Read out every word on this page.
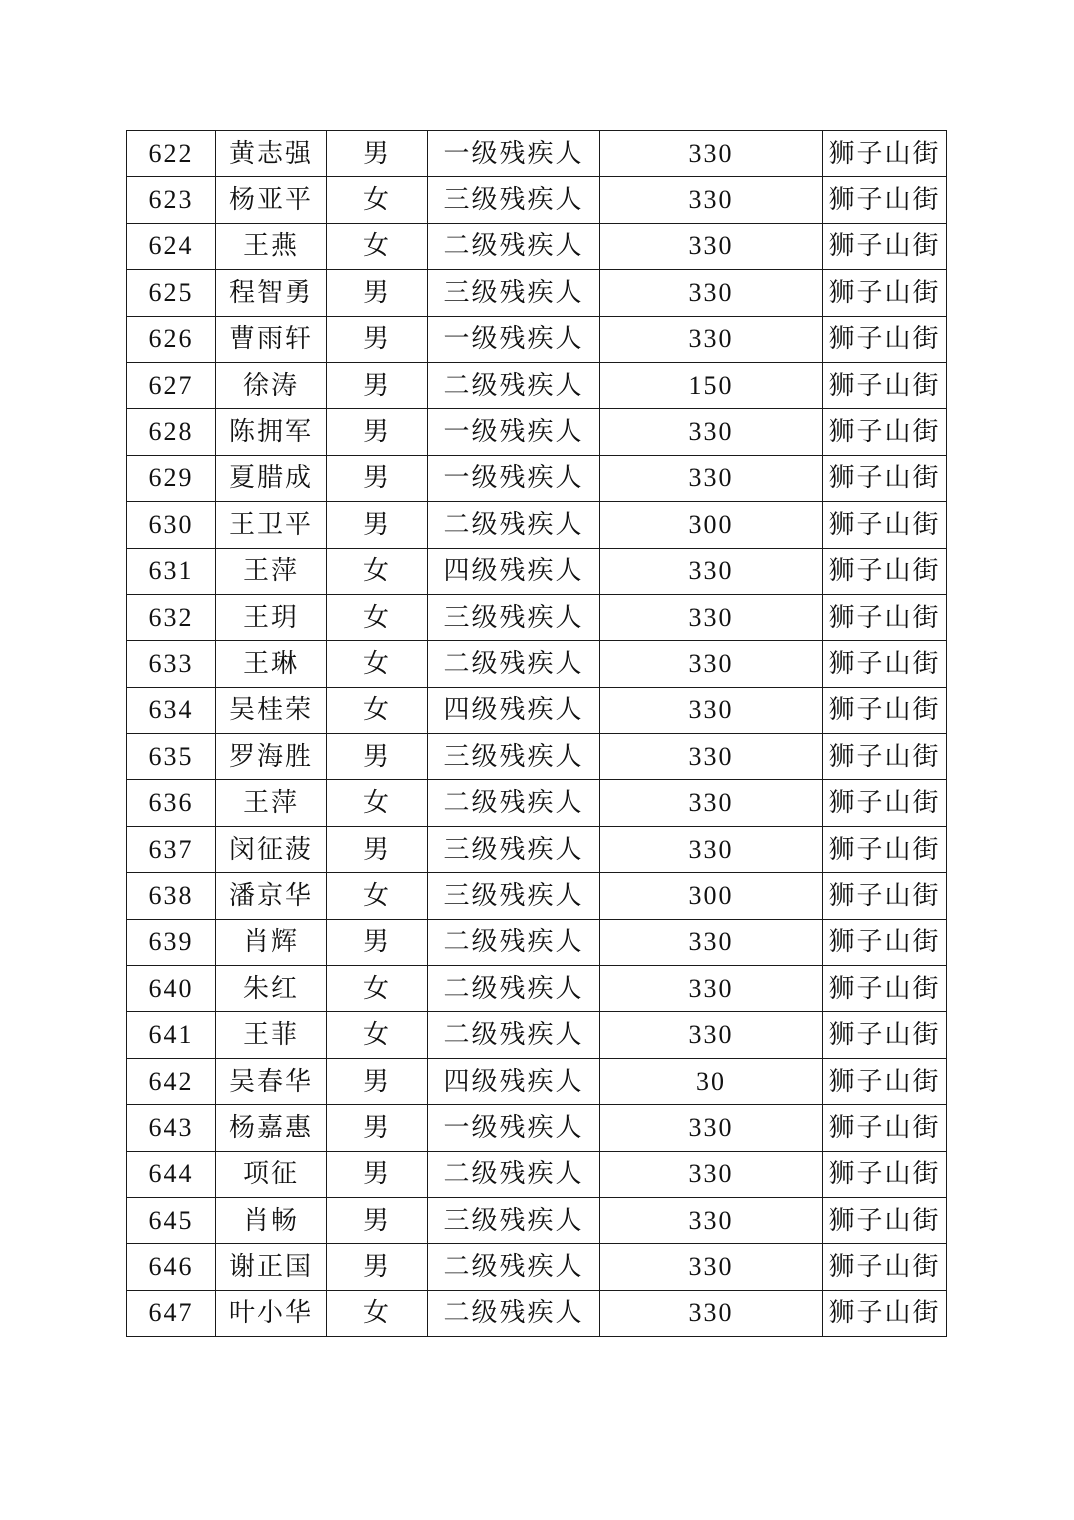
622	黄志强	男	一级残疾人	330	狮子山街
623	杨亚平	女	三级残疾人	330	狮子山街
624	王燕	女	二级残疾人	330	狮子山街
625	程智勇	男	三级残疾人	330	狮子山街
626	曹雨轩	男	一级残疾人	330	狮子山街
627	徐涛	男	二级残疾人	150	狮子山街
628	陈拥军	男	一级残疾人	330	狮子山街
629	夏腊成	男	一级残疾人	330	狮子山街
630	王卫平	男	二级残疾人	300	狮子山街
631	王萍	女	四级残疾人	330	狮子山街
632	王玥	女	三级残疾人	330	狮子山街
633	王琳	女	二级残疾人	330	狮子山街
634	吴桂荣	女	四级残疾人	330	狮子山街
635	罗海胜	男	三级残疾人	330	狮子山街
636	王萍	女	二级残疾人	330	狮子山街
637	闵征菠	男	三级残疾人	330	狮子山街
638	潘京华	女	三级残疾人	300	狮子山街
639	肖辉	男	二级残疾人	330	狮子山街
640	朱红	女	二级残疾人	330	狮子山街
641	王菲	女	二级残疾人	330	狮子山街
642	吴春华	男	四级残疾人	30	狮子山街
643	杨嘉惠	男	一级残疾人	330	狮子山街
644	项征	男	二级残疾人	330	狮子山街
645	肖畅	男	三级残疾人	330	狮子山街
646	谢正国	男	二级残疾人	330	狮子山街
647	叶小华	女	二级残疾人	330	狮子山街
